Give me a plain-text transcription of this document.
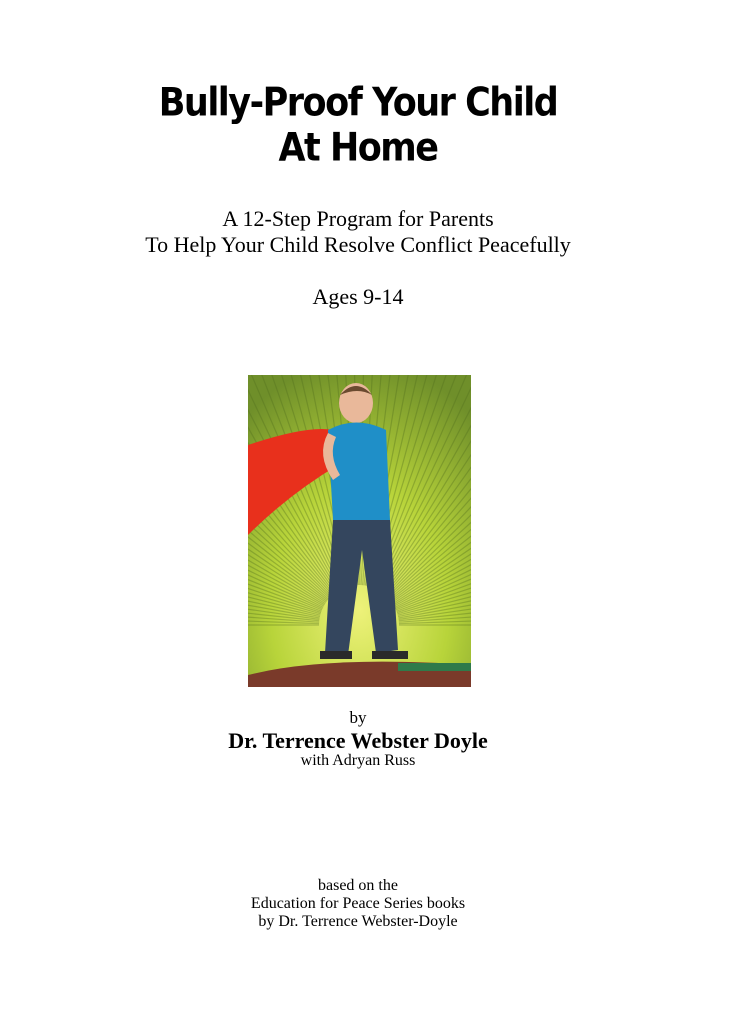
Bully-Proof Your Child
At Home
A 12-Step Program for Parents
To Help Your Child Resolve Conflict Peacefully
Ages 9-14
by
Dr. Terrence Webster Doyle
with Adryan Russ
based on the
Education for Peace Series books
by Dr. Terrence Webster-Doyle
